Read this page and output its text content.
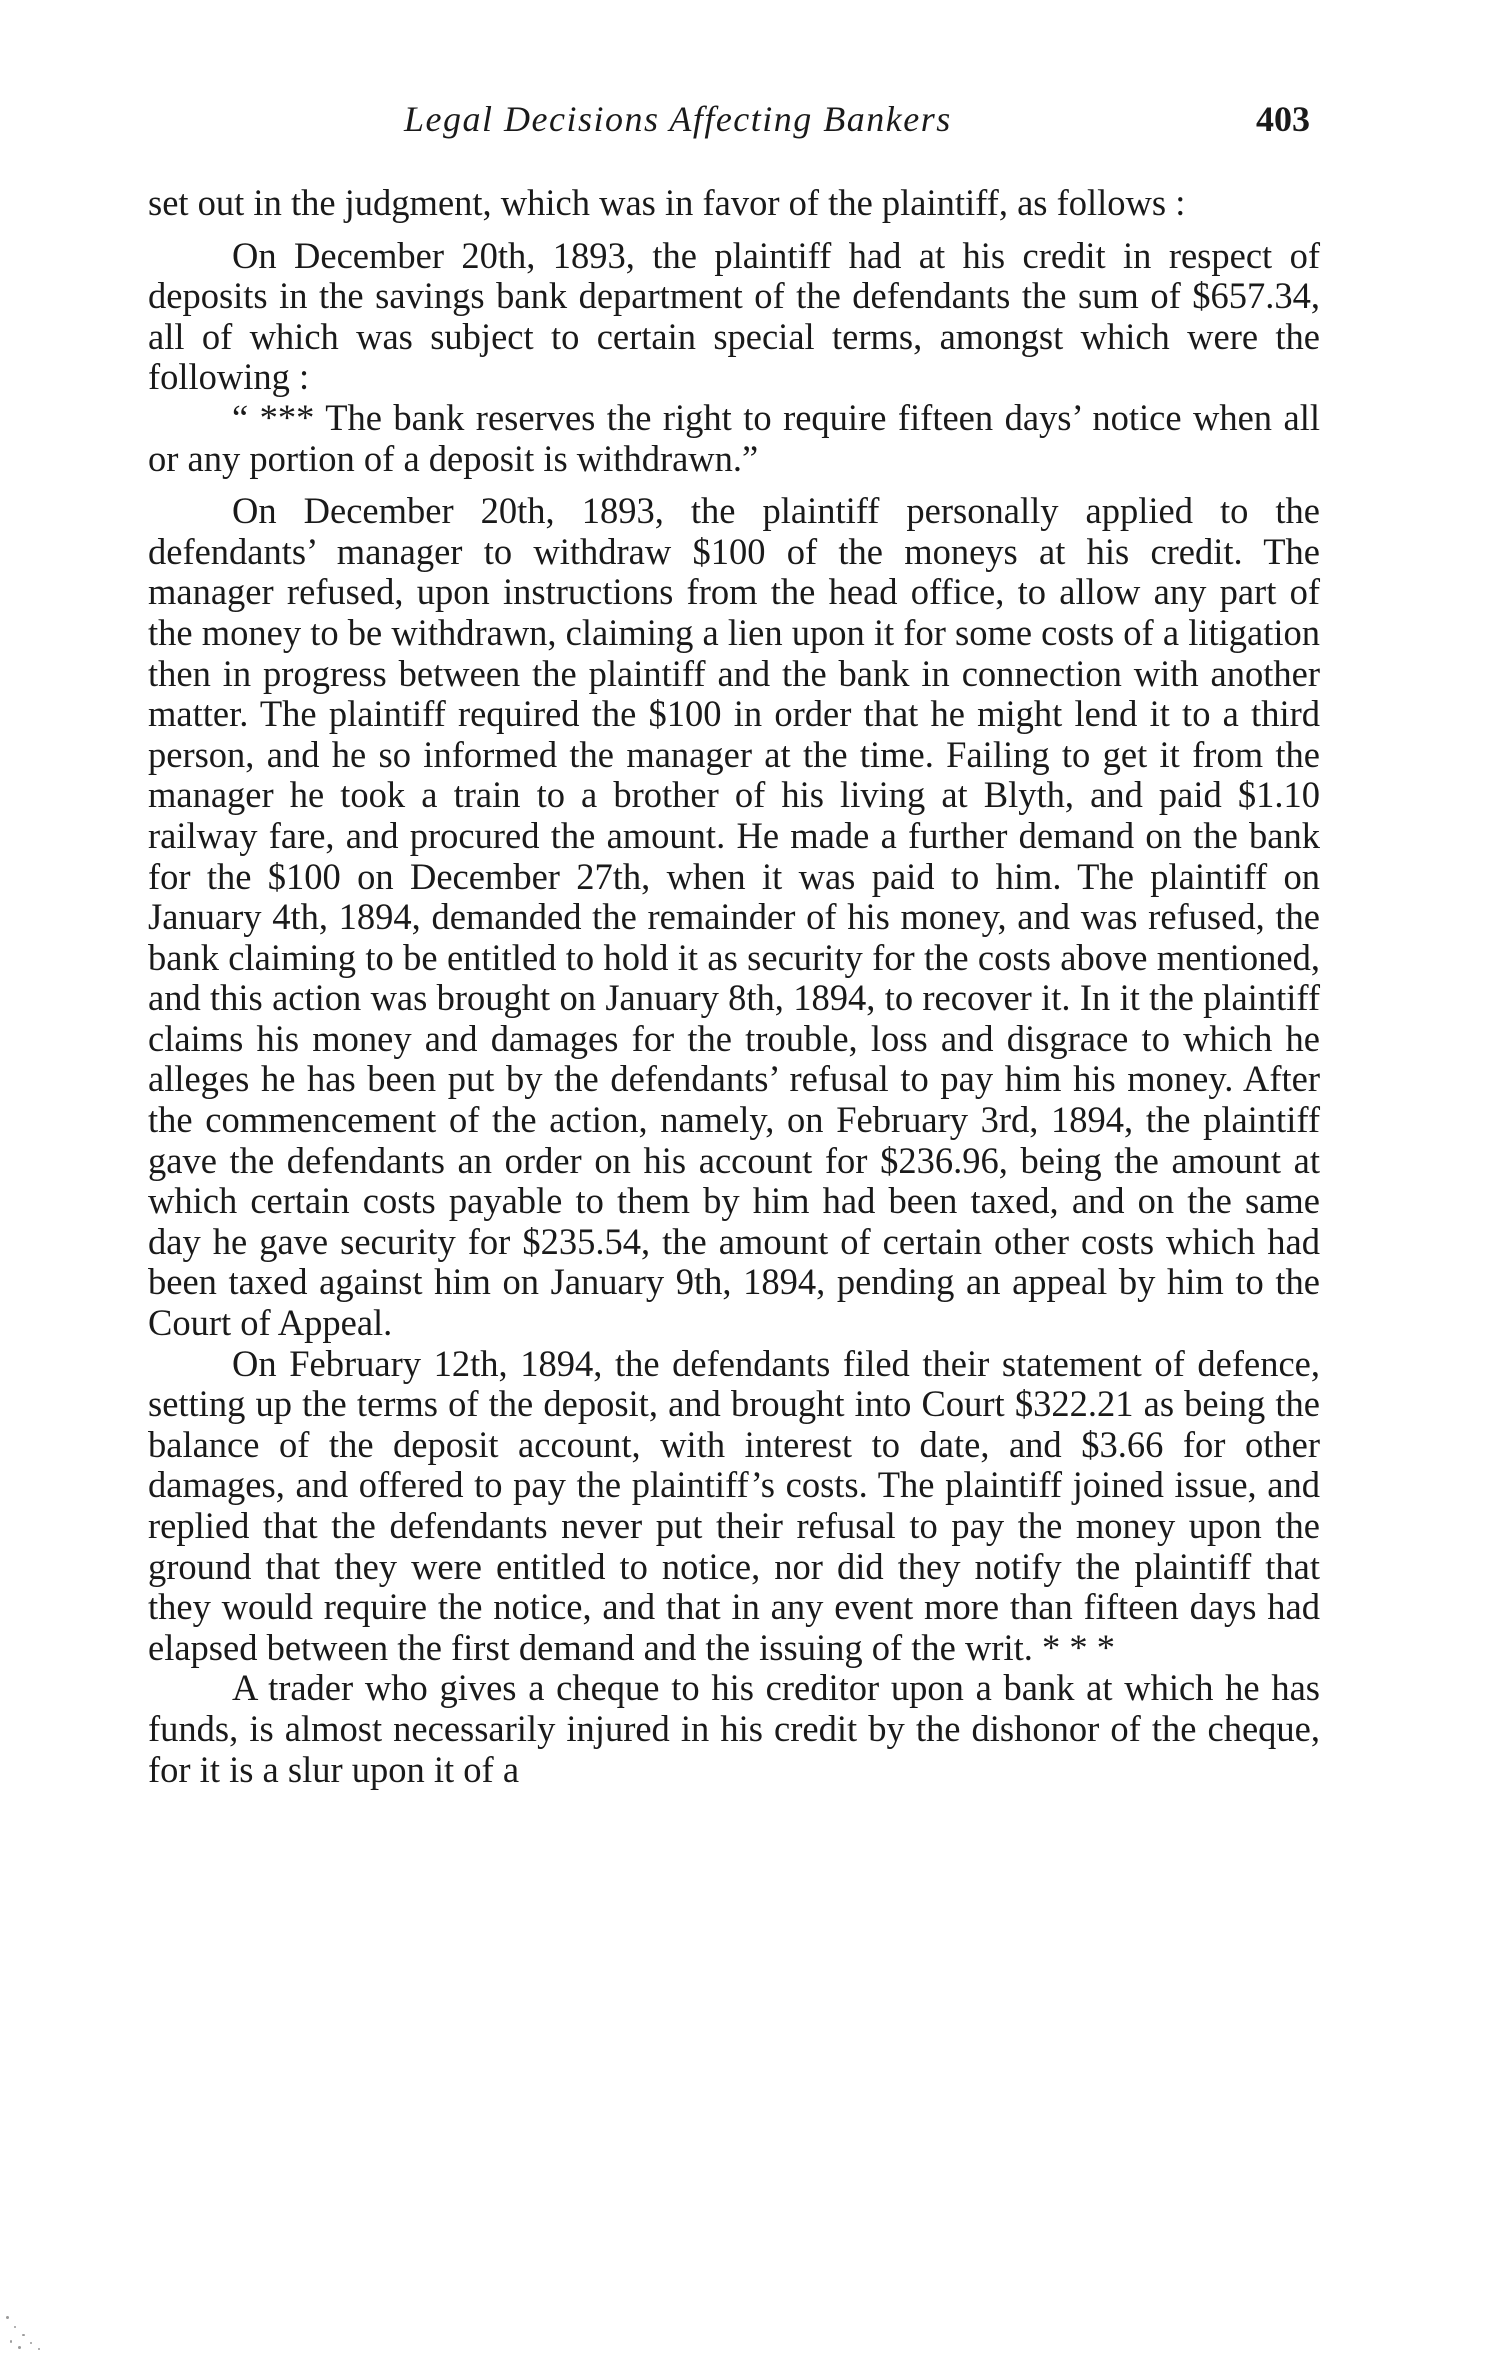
Legal Decisions Affecting Bankers	403

set out in the judgment, which was in favor of the plaintiff, as follows :

On December 20th, 1893, the plaintiff had at his credit in respect of deposits in the savings bank department of the defendants the sum of $657.34, all of which was subject to certain special terms, amongst which were the following :

“ *** The bank reserves the right to require fifteen days’ notice when all or any portion of a deposit is withdrawn.”

On December 20th, 1893, the plaintiff personally applied to the defendants’ manager to withdraw $100 of the moneys at his credit. The manager refused, upon instructions from the head office, to allow any part of the money to be withdrawn, claiming a lien upon it for some costs of a litigation then in progress between the plaintiff and the bank in connection with another matter. The plaintiff required the $100 in order that he might lend it to a third person, and he so informed the manager at the time. Failing to get it from the manager he took a train to a brother of his living at Blyth, and paid $1.10 railway fare, and procured the amount. He made a further demand on the bank for the $100 on December 27th, when it was paid to him. The plaintiff on January 4th, 1894, demanded the remainder of his money, and was refused, the bank claiming to be entitled to hold it as security for the costs above mentioned, and this action was brought on January 8th, 1894, to recover it. In it the plaintiff claims his money and damages for the trouble, loss and disgrace to which he alleges he has been put by the defendants’ refusal to pay him his money. After the commencement of the action, namely, on February 3rd, 1894, the plaintiff gave the defendants an order on his account for $236.96, being the amount at which certain costs payable to them by him had been taxed, and on the same day he gave security for $235.54, the amount of certain other costs which had been taxed against him on January 9th, 1894, pending an appeal by him to the Court of Appeal.

On February 12th, 1894, the defendants filed their statement of defence, setting up the terms of the deposit, and brought into Court $322.21 as being the balance of the deposit account, with interest to date, and $3.66 for other damages, and offered to pay the plaintiff’s costs. The plaintiff joined issue, and replied that the defendants never put their refusal to pay the money upon the ground that they were entitled to notice, nor did they notify the plaintiff that they would require the notice, and that in any event more than fifteen days had elapsed between the first demand and the issuing of the writ. * * *

A trader who gives a cheque to his creditor upon a bank at which he has funds, is almost necessarily injured in his credit by the dishonor of the cheque, for it is a slur upon it of a
